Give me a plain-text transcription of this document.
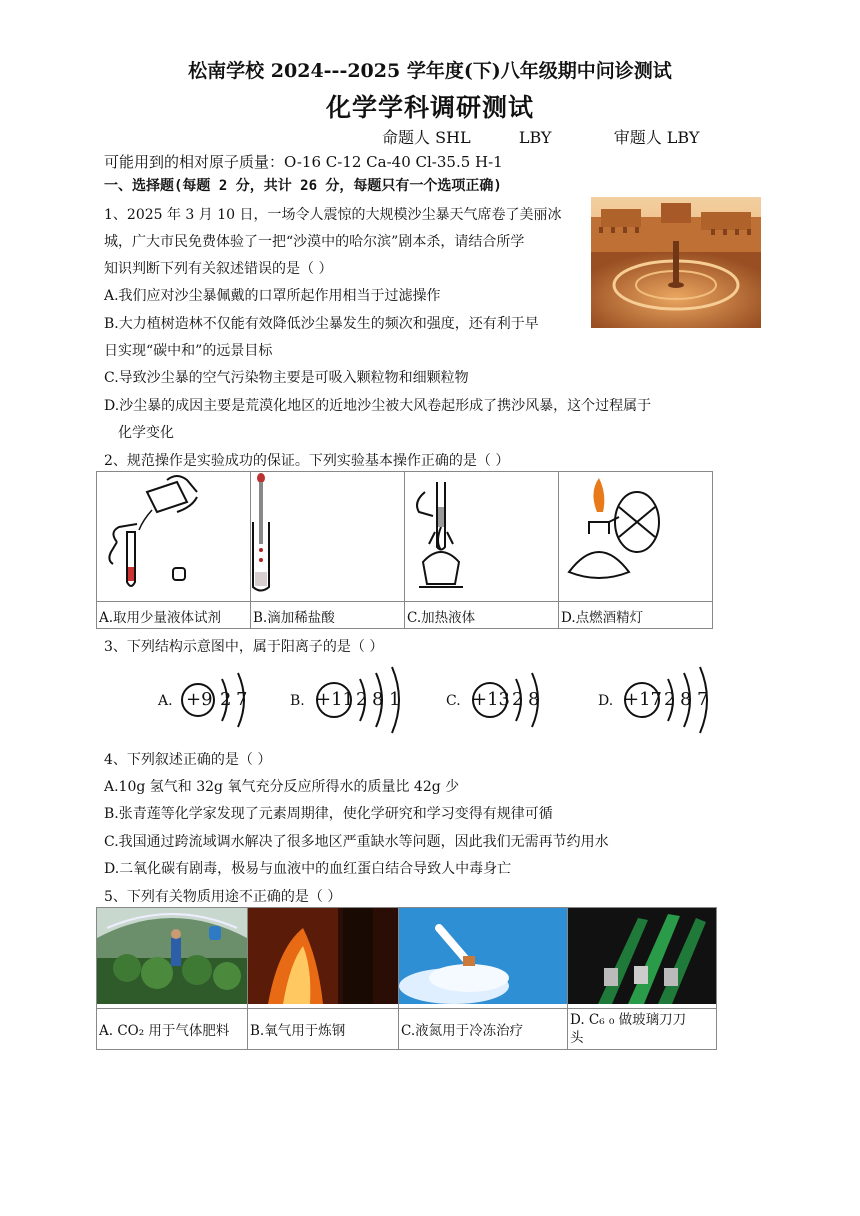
松南学校 2024---2025 学年度(下)八年级期中问诊测试
化学学科调研测试
命题人 SHL	LBY	审题人 LBY
可能用到的相对原子质量：O-16 C-12 Ca-40 Cl-35.5 H-1
一、选择题(每题 2 分，共计 26 分，每题只有一个选项正确)
1、2025 年 3 月 10 日，一场令人震惊的大规模沙尘暴天气席卷了美丽冰
城，广大市民免费体验了一把“沙漠中的哈尔滨”剧本杀，请结合所学
知识判断下列有关叙述错误的是（ ）
A.我们应对沙尘暴佩戴的口罩所起作用相当于过滤操作
B.大力植树造林不仅能有效降低沙尘暴发生的频次和强度，还有利于早
日实现“碳中和”的远景目标
C.导致沙尘暴的空气污染物主要是可吸入颗粒物和细颗粒物
D.沙尘暴的成因主要是荒漠化地区的近地沙尘被大风卷起形成了携沙风暴，这个过程属于
化学变化
2、规范操作是实验成功的保证。下列实验基本操作正确的是（ ）

A.取用少量液体试剂	B.滴加稀盐酸	C.加热液体	D.点燃酒精灯
3、下列结构示意图中，属于阳离子的是（ ）
A. +9 2 7	B. +11 2 8 1	C. +13 2 8	D. +17 2 8 7
4、下列叙述正确的是（ ）
A.10g 氢气和 32g 氧气充分反应所得水的质量比 42g 少
B.张青莲等化学家发现了元素周期律，使化学研究和学习变得有规律可循
C.我国通过跨流域调水解决了很多地区严重缺水等问题，因此我们无需再节约用水
D.二氧化碳有剧毒，极易与血液中的血红蛋白结合导致人中毒身亡
5、下列有关物质用途不正确的是（ ）

A. CO₂ 用于气体肥料	B.氧气用于炼钢	C.液氮用于冷冻治疗	D. C₆ ₀ 做玻璃刀刀
头
